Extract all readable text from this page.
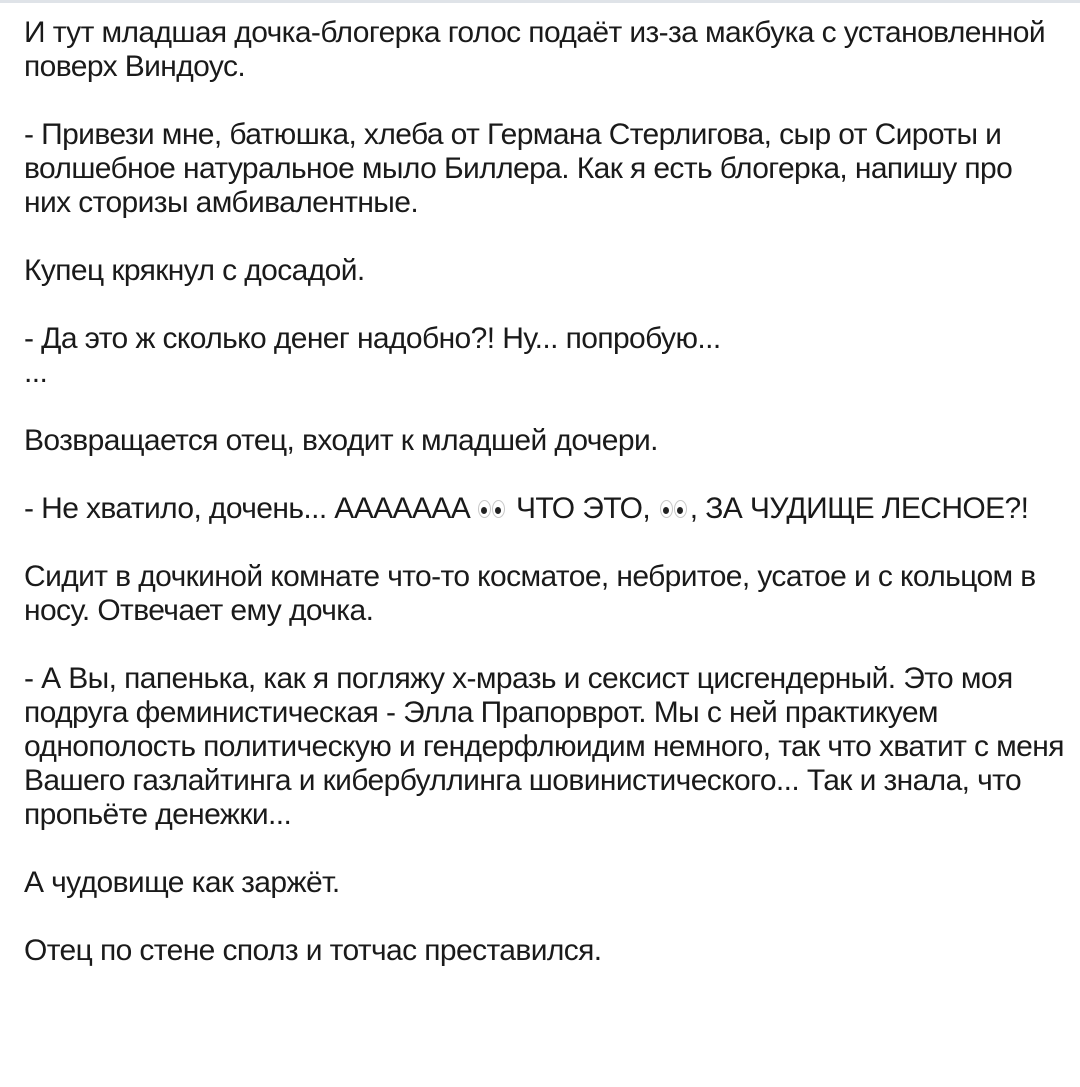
И тут младшая дочка-блогерка голос подаёт из-за макбука с установленной поверх Виндоус.

- Привези мне, батюшка, хлеба от Германа Стерлигова, сыр от Сироты и волшебное натуральное мыло Биллера. Как я есть блогерка, напишу про них сторизы амбивалентные.

Купец крякнул с досадой.

- Да это ж сколько денег надобно?! Ну... попробую...

...

Возвращается отец, входит к младшей дочери.

- Не хватило, дочень... АААААAA
ЧТО ЭТО,
, ЗА ЧУДИЩЕ ЛЕСНОЕ?!

Сидит в дочкиной комнате что-то косматое, небритое, усатое и с кольцом в носу. Отвечает ему дочка.

- А Вы, папенька, как я погляжу х-мразь и сексист цисгендерный. Это моя подруга феминистическая - Элла Прапорврот. Мы с ней практикуем однополость политическую и гендерфлюидим немного, так что хватит с меня Вашего газлайтинга и кибербуллинга шовинистического... Так и знала, что пропьёте денежки...

А чудовище как заржёт.

Отец по стене сполз и тотчас преставился.
